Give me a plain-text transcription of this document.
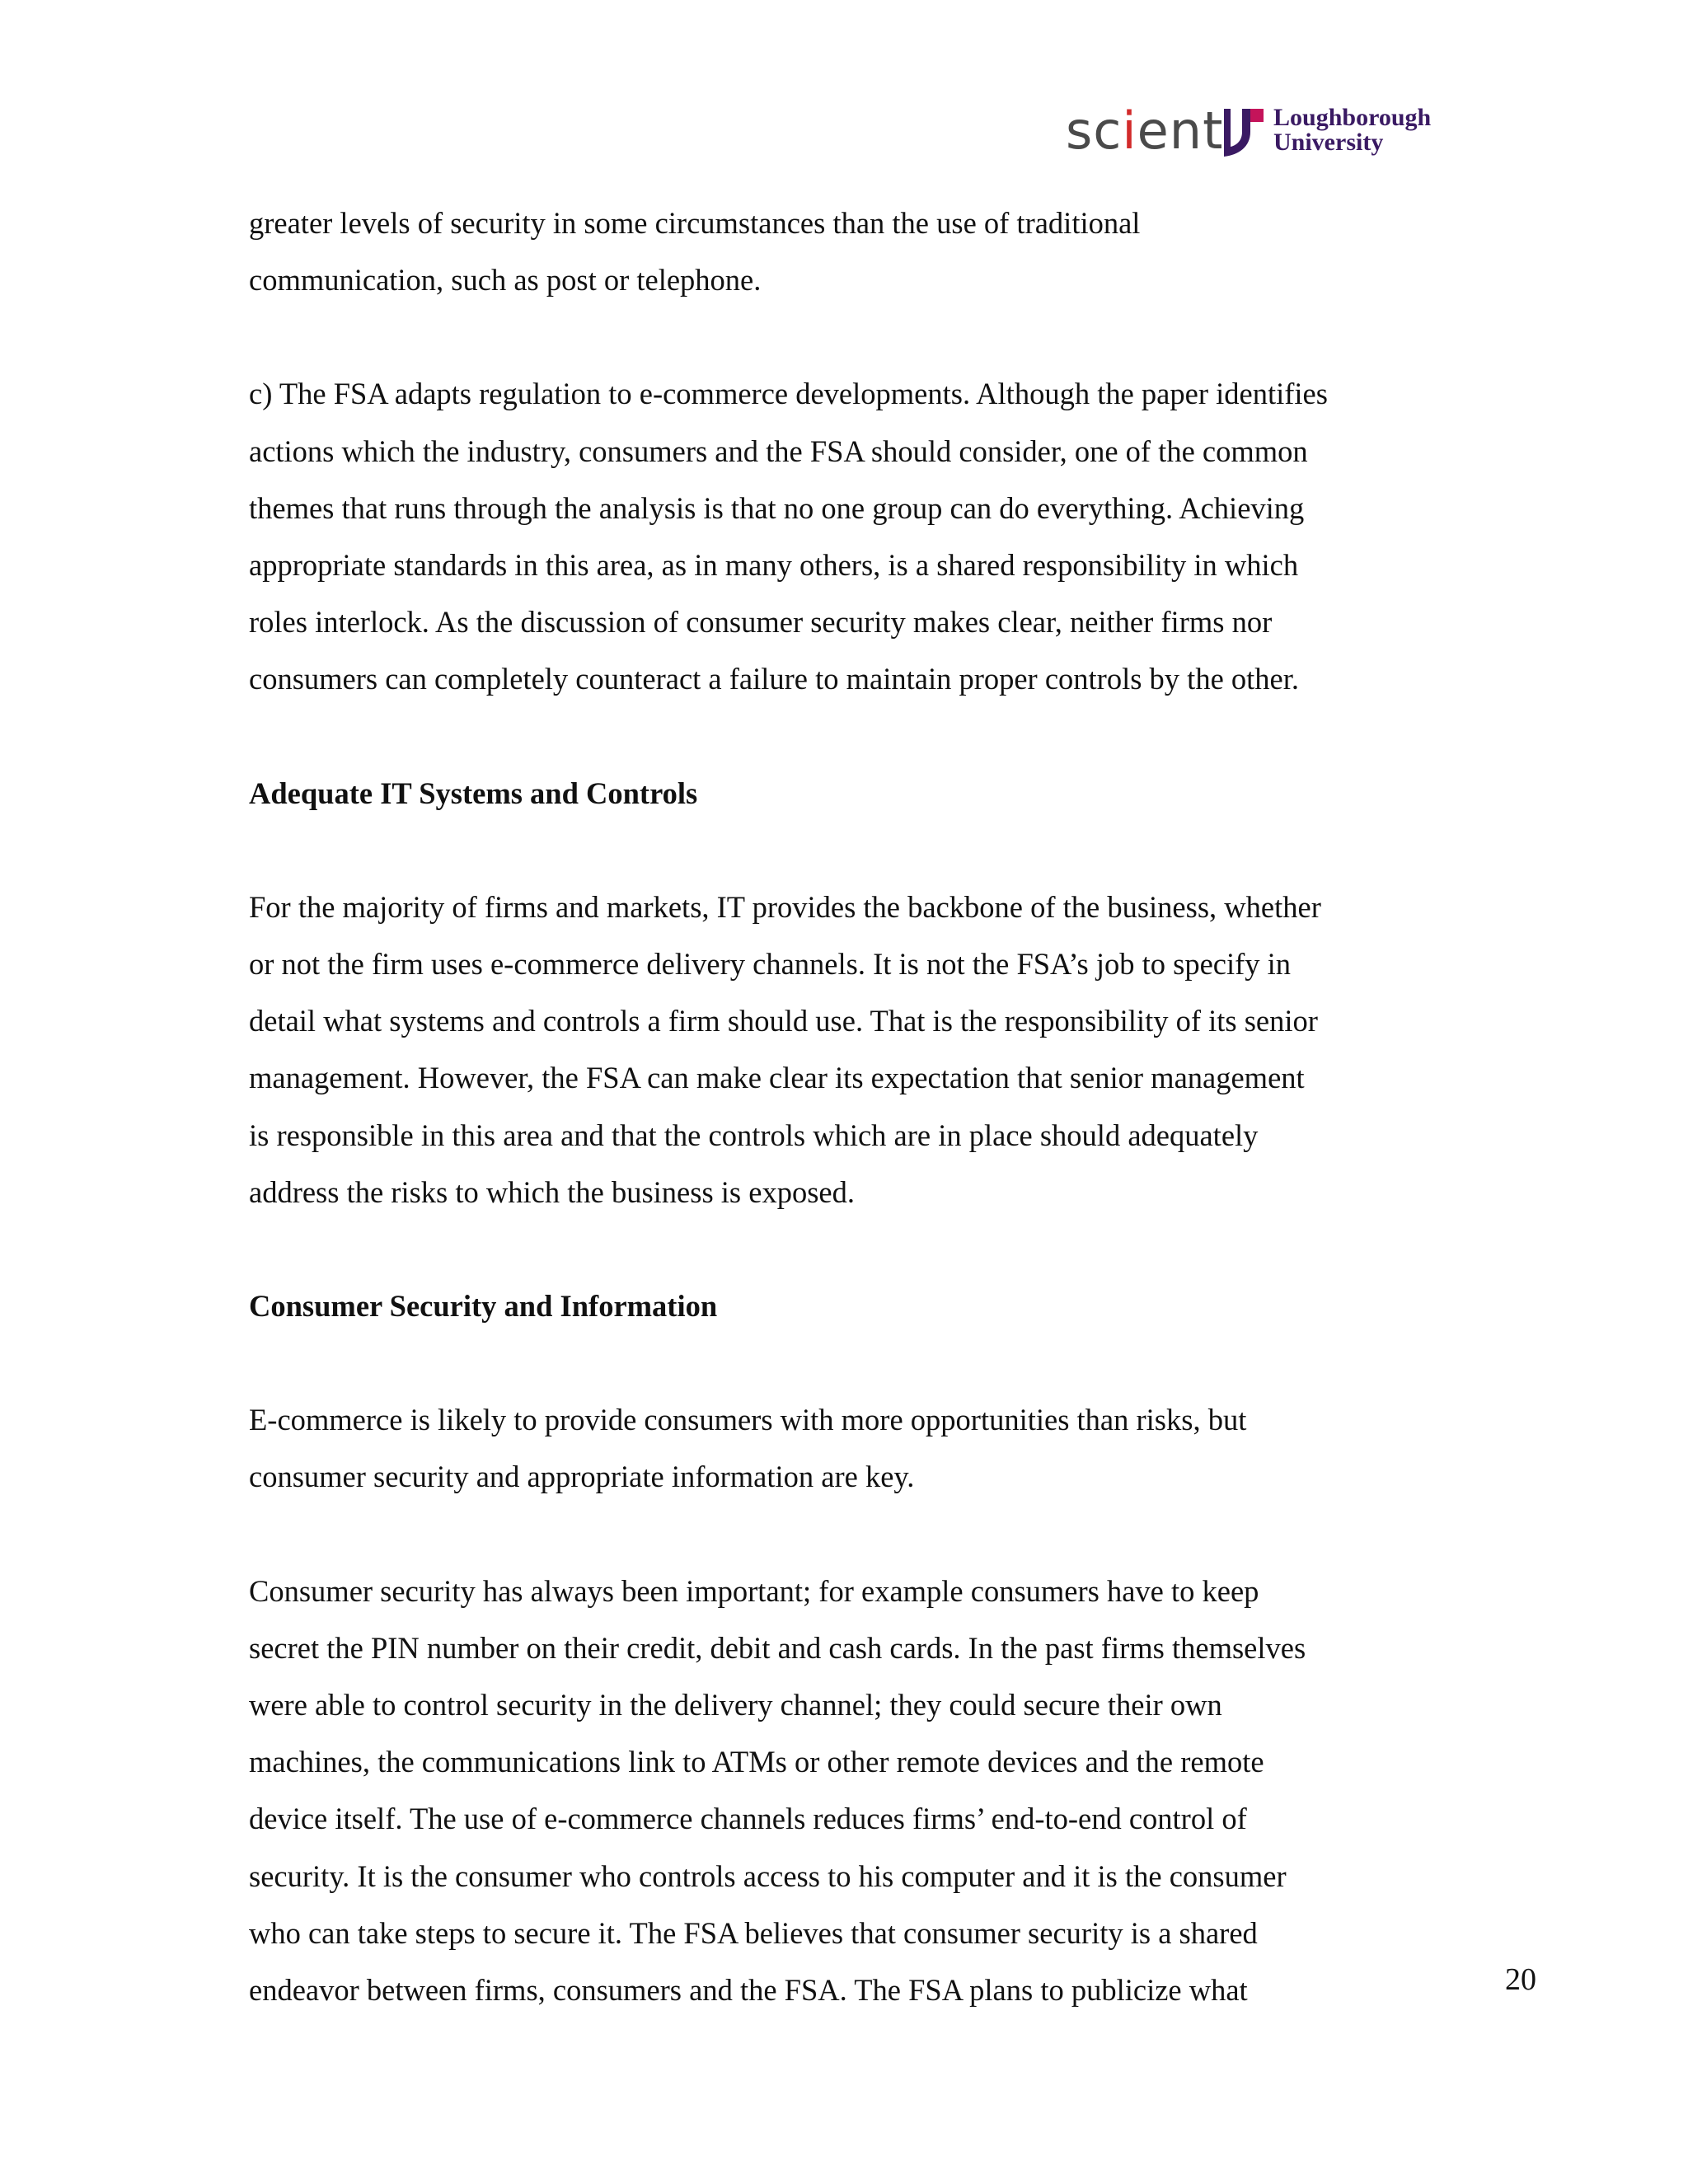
scient	Loughborough
University

greater levels of security in some circumstances than the use of traditional
communication, such as post or telephone.

c) The FSA adapts regulation to e-commerce developments. Although the paper identifies
actions which the industry, consumers and the FSA should consider, one of the common
themes that runs through the analysis is that no one group can do everything. Achieving
appropriate standards in this area, as in many others, is a shared responsibility in which
roles interlock. As the discussion of consumer security makes clear, neither firms nor
consumers can completely counteract a failure to maintain proper controls by the other.

Adequate IT Systems and Controls

For the majority of firms and markets, IT provides the backbone of the business, whether
or not the firm uses e-commerce delivery channels. It is not the FSA’s job to specify in
detail what systems and controls a firm should use. That is the responsibility of its senior
management. However, the FSA can make clear its expectation that senior management
is responsible in this area and that the controls which are in place should adequately
address the risks to which the business is exposed.

Consumer Security and Information

E-commerce is likely to provide consumers with more opportunities than risks, but
consumer security and appropriate information are key.

Consumer security has always been important; for example consumers have to keep
secret the PIN number on their credit, debit and cash cards. In the past firms themselves
were able to control security in the delivery channel; they could secure their own
machines, the communications link to ATMs or other remote devices and the remote
device itself. The use of e-commerce channels reduces firms’ end-to-end control of
security. It is the consumer who controls access to his computer and it is the consumer
who can take steps to secure it. The FSA believes that consumer security is a shared
endeavor between firms, consumers and the FSA. The FSA plans to publicize what	20
